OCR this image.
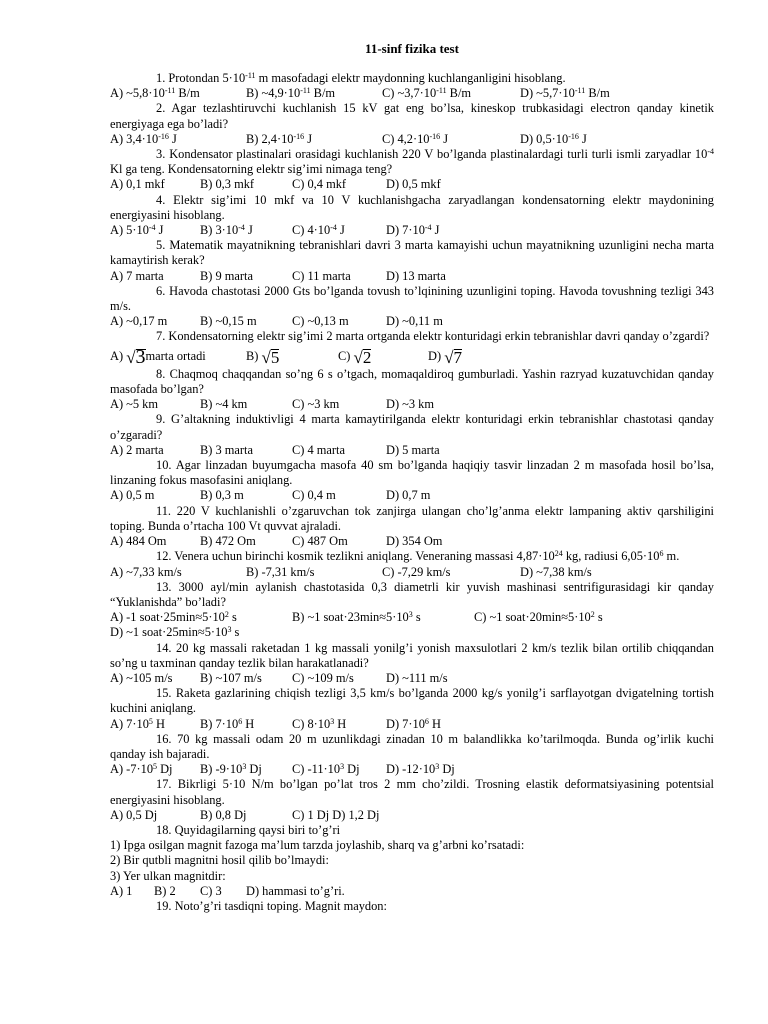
11-sinf fizika test

1. Protondan $5\cdot 10^{-11}$ m masofadagi elektr maydonning kuchlanganligini hisoblang.

A) $\sim 5,8\cdot 10^{-11}$ B/m	B) $\sim 4,9\cdot 10^{-11}$ B/m	C) $\sim 3,7\cdot 10^{-11}$ B/m	D) $\sim 5,7\cdot 10^{-11}$ B/m

2. Agar tezlashtiruvchi kuchlanish 15 kV gat eng bo’lsa, kineskop trubkasidagi electron qanday kinetik energiyaga ega bo’ladi?

A) $3,4\cdot 10^{-16}$ J	B) $2,4\cdot 10^{-16}$ J	C) $4,2\cdot 10^{-16}$ J	D) $0,5\cdot 10^{-16}$ J

3. Kondensator plastinalari orasidagi kuchlanish 220 V bo’lganda plastinalardagi turli turli ismli zaryadlar $10^{-4}$ Kl ga teng. Kondensatorning elektr sig’imi nimaga teng?

A) 0,1 mkf	B) 0,3 mkf	C) 0,4 mkf	D) 0,5 mkf

4. Elektr sig’imi 10 mkf va 10 V kuchlanishgacha zaryadlangan kondensatorning elektr maydonining energiyasini hisoblang.

A) $5\cdot 10^{-4}$ J	B) $3\cdot 10^{-4}$ J	C) $4\cdot 10^{-4}$ J	D) $7\cdot 10^{-4}$ J

5. Matematik mayatnikning tebranishlari davri 3 marta kamayishi uchun mayatnikning uzunligini necha marta kamaytirish kerak?

A) 7 marta	B) 9 marta	C) 11 marta	D) 13 marta

6. Havoda chastotasi 2000 Gts bo’lganda tovush to’lqinining uzunligini toping. Havoda tovushning tezligi 343 m/s.

A) ~0,17 m	B) ~0,15 m	C) ~0,13 m	D) ~0,11 m

7. Kondensatorning elektr sig’imi 2 marta ortganda elektr konturidagi erkin tebranishlar davri qanday o’zgardi?

A) √3marta ortadi	B) √5	C) √2	D) √7

8. Chaqmoq chaqqandan so’ng 6 s o’tgach, momaqaldiroq gumburladi. Yashin razryad kuzatuvchidan qanday masofada bo’lgan?

A) ~5 km	B) ~4 km	C) ~3 km	D) ~3 km

9. G’altakning induktivligi 4 marta kamaytirilganda elektr konturidagi erkin tebranishlar chastotasi qanday o’zgaradi?

A) 2 marta	B) 3 marta	C) 4 marta	D) 5 marta

10. Agar linzadan buyumgacha masofa 40 sm bo’lganda haqiqiy tasvir linzadan 2 m masofada hosil bo’lsa, linzaning fokus masofasini aniqlang.

A) 0,5 m	B) 0,3 m	C) 0,4 m	D) 0,7 m

11. 220 V kuchlanishli o’zgaruvchan tok zanjirga ulangan cho’lg’anma elektr lampaning aktiv qarshiligini toping. Bunda o’rtacha 100 Vt quvvat ajraladi.

A) 484 Om	B) 472 Om	C) 487 Om	D) 354 Om

12. Venera uchun birinchi kosmik tezlikni aniqlang. Veneraning massasi $4,87\cdot 10^{24}$ kg, radiusi $6,05\cdot 10^6$ m.

A) ~7,33 km/s	B) -7,31 km/s	C) -7,29 km/s	D) ~7,38 km/s

13. 3000 ayl/min aylanish chastotasida 0,3 diametrli kir yuvish mashinasi sentrifigurasidagi kir qanday “Yuklanishda” bo’ladi?

A) -1 $soat\cdot 25\min\approx 5\cdot 10^2$ s	B) ~1 $soat\cdot 23\min\approx 5\cdot 10^3$ s	C) ~1 $soat\cdot 20\min\approx 5\cdot 10^2$ s
D) ~1 $soat\cdot 25\min\approx 5\cdot 10^3$ s

14. 20 kg massali raketadan 1 kg massali yonilg’i yonish maxsulotlari 2 km/s tezlik bilan ortilib chiqqandan so’ng u taxminan qanday tezlik bilan harakatlanadi?

A) ~105 m/s	B) ~107 m/s	C) ~109 m/s	D) ~111 m/s

15. Raketa gazlarining chiqish tezligi 3,5 km/s bo’lganda 2000 kg/s yonilg’i sarflayotgan dvigatelning tortish kuchini aniqlang.

A) $7\cdot 10^5$ H	B) $7\cdot 10^6$ H	C) $8\cdot 10^3$ H	D) $7\cdot 10^6$ H

16. 70 kg massali odam 20 m uzunlikdagi zinadan 10 m balandlikka ko’tarilmoqda. Bunda og’irlik kuchi qanday ish bajaradi.

A) $-7\cdot 10^5$ Dj	B) $-9\cdot 10^3$ Dj	C) $-11\cdot 10^3$ Dj	D) $-12\cdot 10^3$ Dj

17. Bikrligi 5·10 N/m bo’lgan po’lat tros 2 mm cho’zildi. Trosning elastik deformatsiyasining potentsial energiyasini hisoblang.

A) 0,5 Dj	B) 0,8 Dj	C) 1 Dj D) 1,2 Dj

18. Quyidagilarning qaysi biri to’g’ri

1) Ipga osilgan magnit fazoga ma’lum tarzda joylashib, sharq va g’arbni ko’rsatadi:

2) Bir qutbli magnitni hosil qilib bo’lmaydi:

3) Yer ulkan magnitdir:

A) 1	B) 2	C) 3	D) hammasi to’g’ri.

19. Noto’g’ri tasdiqni toping. Magnit maydon:
